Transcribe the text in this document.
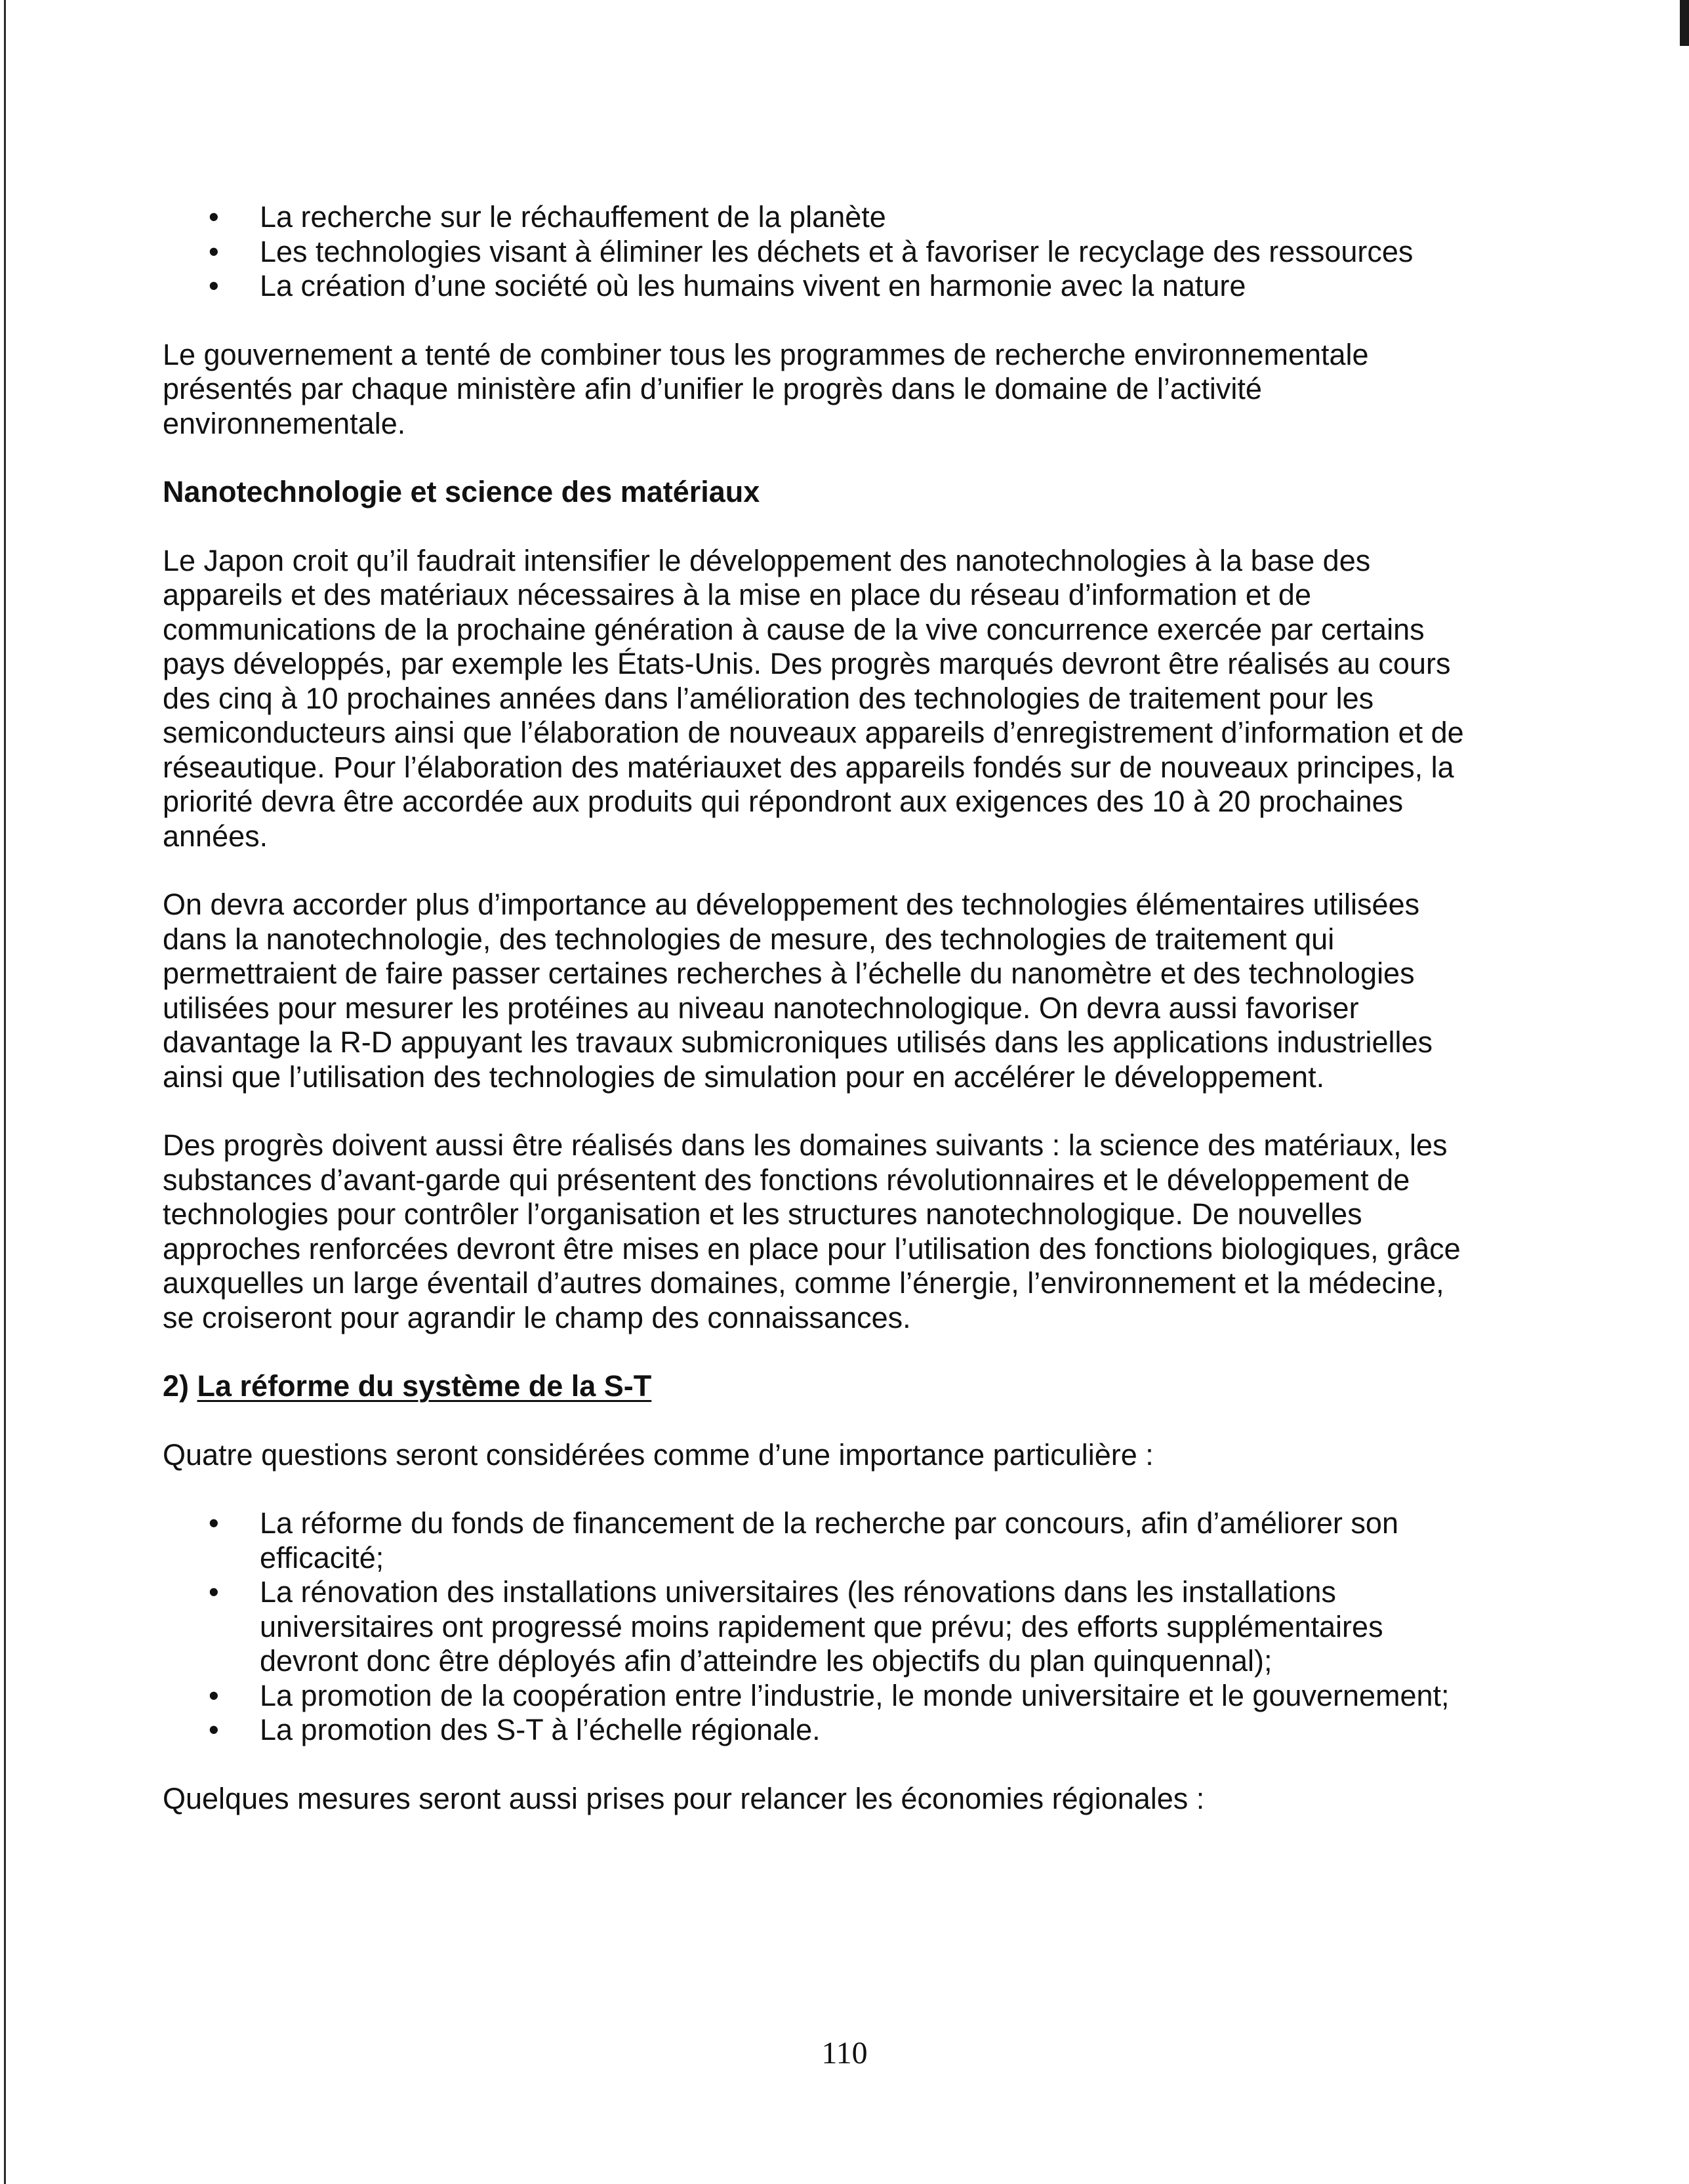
• La recherche sur le réchauffement de la planète
• Les technologies visant à éliminer les déchets et à favoriser le recyclage des ressources
• La création d’une société où les humains vivent en harmonie avec la nature

Le gouvernement a tenté de combiner tous les programmes de recherche environnementale présentés par chaque ministère afin d’unifier le progrès dans le domaine de l’activité environnementale.

Nanotechnologie et science des matériaux

Le Japon croit qu’il faudrait intensifier le développement des nanotechnologies à la base des appareils et des matériaux nécessaires à la mise en place du réseau d’information et de communications de la prochaine génération à cause de la vive concurrence exercée par certains pays développés, par exemple les États-Unis. Des progrès marqués devront être réalisés au cours des cinq à 10 prochaines années dans l’amélioration des technologies de traitement pour les semiconducteurs ainsi que l’élaboration de nouveaux appareils d’enregistrement d’information et de réseautique. Pour l’élaboration des matériauxet des appareils fondés sur de nouveaux principes, la priorité devra être accordée aux produits qui répondront aux exigences des 10 à 20 prochaines années.

On devra accorder plus d’importance au développement des technologies élémentaires utilisées dans la nanotechnologie, des technologies de mesure, des technologies de traitement qui permettraient de faire passer certaines recherches à l’échelle du nanomètre et des technologies utilisées pour mesurer les protéines au niveau nanotechnologique. On devra aussi favoriser davantage la R-D appuyant les travaux submicroniques utilisés dans les applications industrielles ainsi que l’utilisation des technologies de simulation pour en accélérer le développement.

Des progrès doivent aussi être réalisés dans les domaines suivants : la science des matériaux, les substances d’avant-garde qui présentent des fonctions révolutionnaires et le développement de technologies pour contrôler l’organisation et les structures nanotechnologique. De nouvelles approches renforcées devront être mises en place pour l’utilisation des fonctions biologiques, grâce auxquelles un large éventail d’autres domaines, comme l’énergie, l’environnement et la médecine, se croiseront pour agrandir le champ des connaissances.

2) La réforme du système de la S-T

Quatre questions seront considérées comme d’une importance particulière :

• La réforme du fonds de financement de la recherche par concours, afin d’améliorer son efficacité;
• La rénovation des installations universitaires (les rénovations dans les installations universitaires ont progressé moins rapidement que prévu; des efforts supplémentaires devront donc être déployés afin d’atteindre les objectifs du plan quinquennal);
• La promotion de la coopération entre l’industrie, le monde universitaire et le gouvernement;
• La promotion des S-T à l’échelle régionale.

Quelques mesures seront aussi prises pour relancer les économies régionales :

110
